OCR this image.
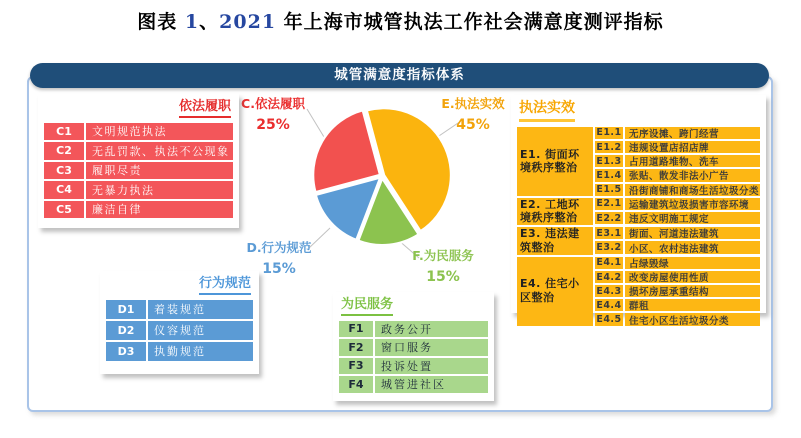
图表 1、2021 年上海市城管执法工作社会满意度测评指标
城管满意度指标体系
C.依法履职
25%
E.执法实效
45%
D.行为规范
15%
F.为民服务
15%
依法履职
C1	文明规范执法
C2	无乱罚款、执法不公现象
C3	履职尽责
C4	无暴力执法
C5	廉洁自律
行为规范
D1	着装规范
D2	仪容规范
D3	执勤规范
为民服务
F1	政务公开
F2	窗口服务
F3	投诉处置
F4	城管进社区
执法实效
E1. 街面环境秩序整治
E1.1 无序设摊、跨门经营
E1.2 违规设置店招店牌
E1.3 占用道路堆物、洗车
E1.4 张贴、散发非法小广告
E1.5 沿街商铺和商场生活垃圾分类
E2. 工地环境秩序整治
E2.1 运输建筑垃圾损害市容环境
E2.2 违反文明施工规定
E3. 违法建筑整治
E3.1 街面、河道违法建筑
E3.2 小区、农村违法建筑
E4. 住宅小区整治
E4.1 占绿毁绿
E4.2 改变房屋使用性质
E4.3 损坏房屋承重结构
E4.4 群租
E4.5 住宅小区生活垃圾分类
